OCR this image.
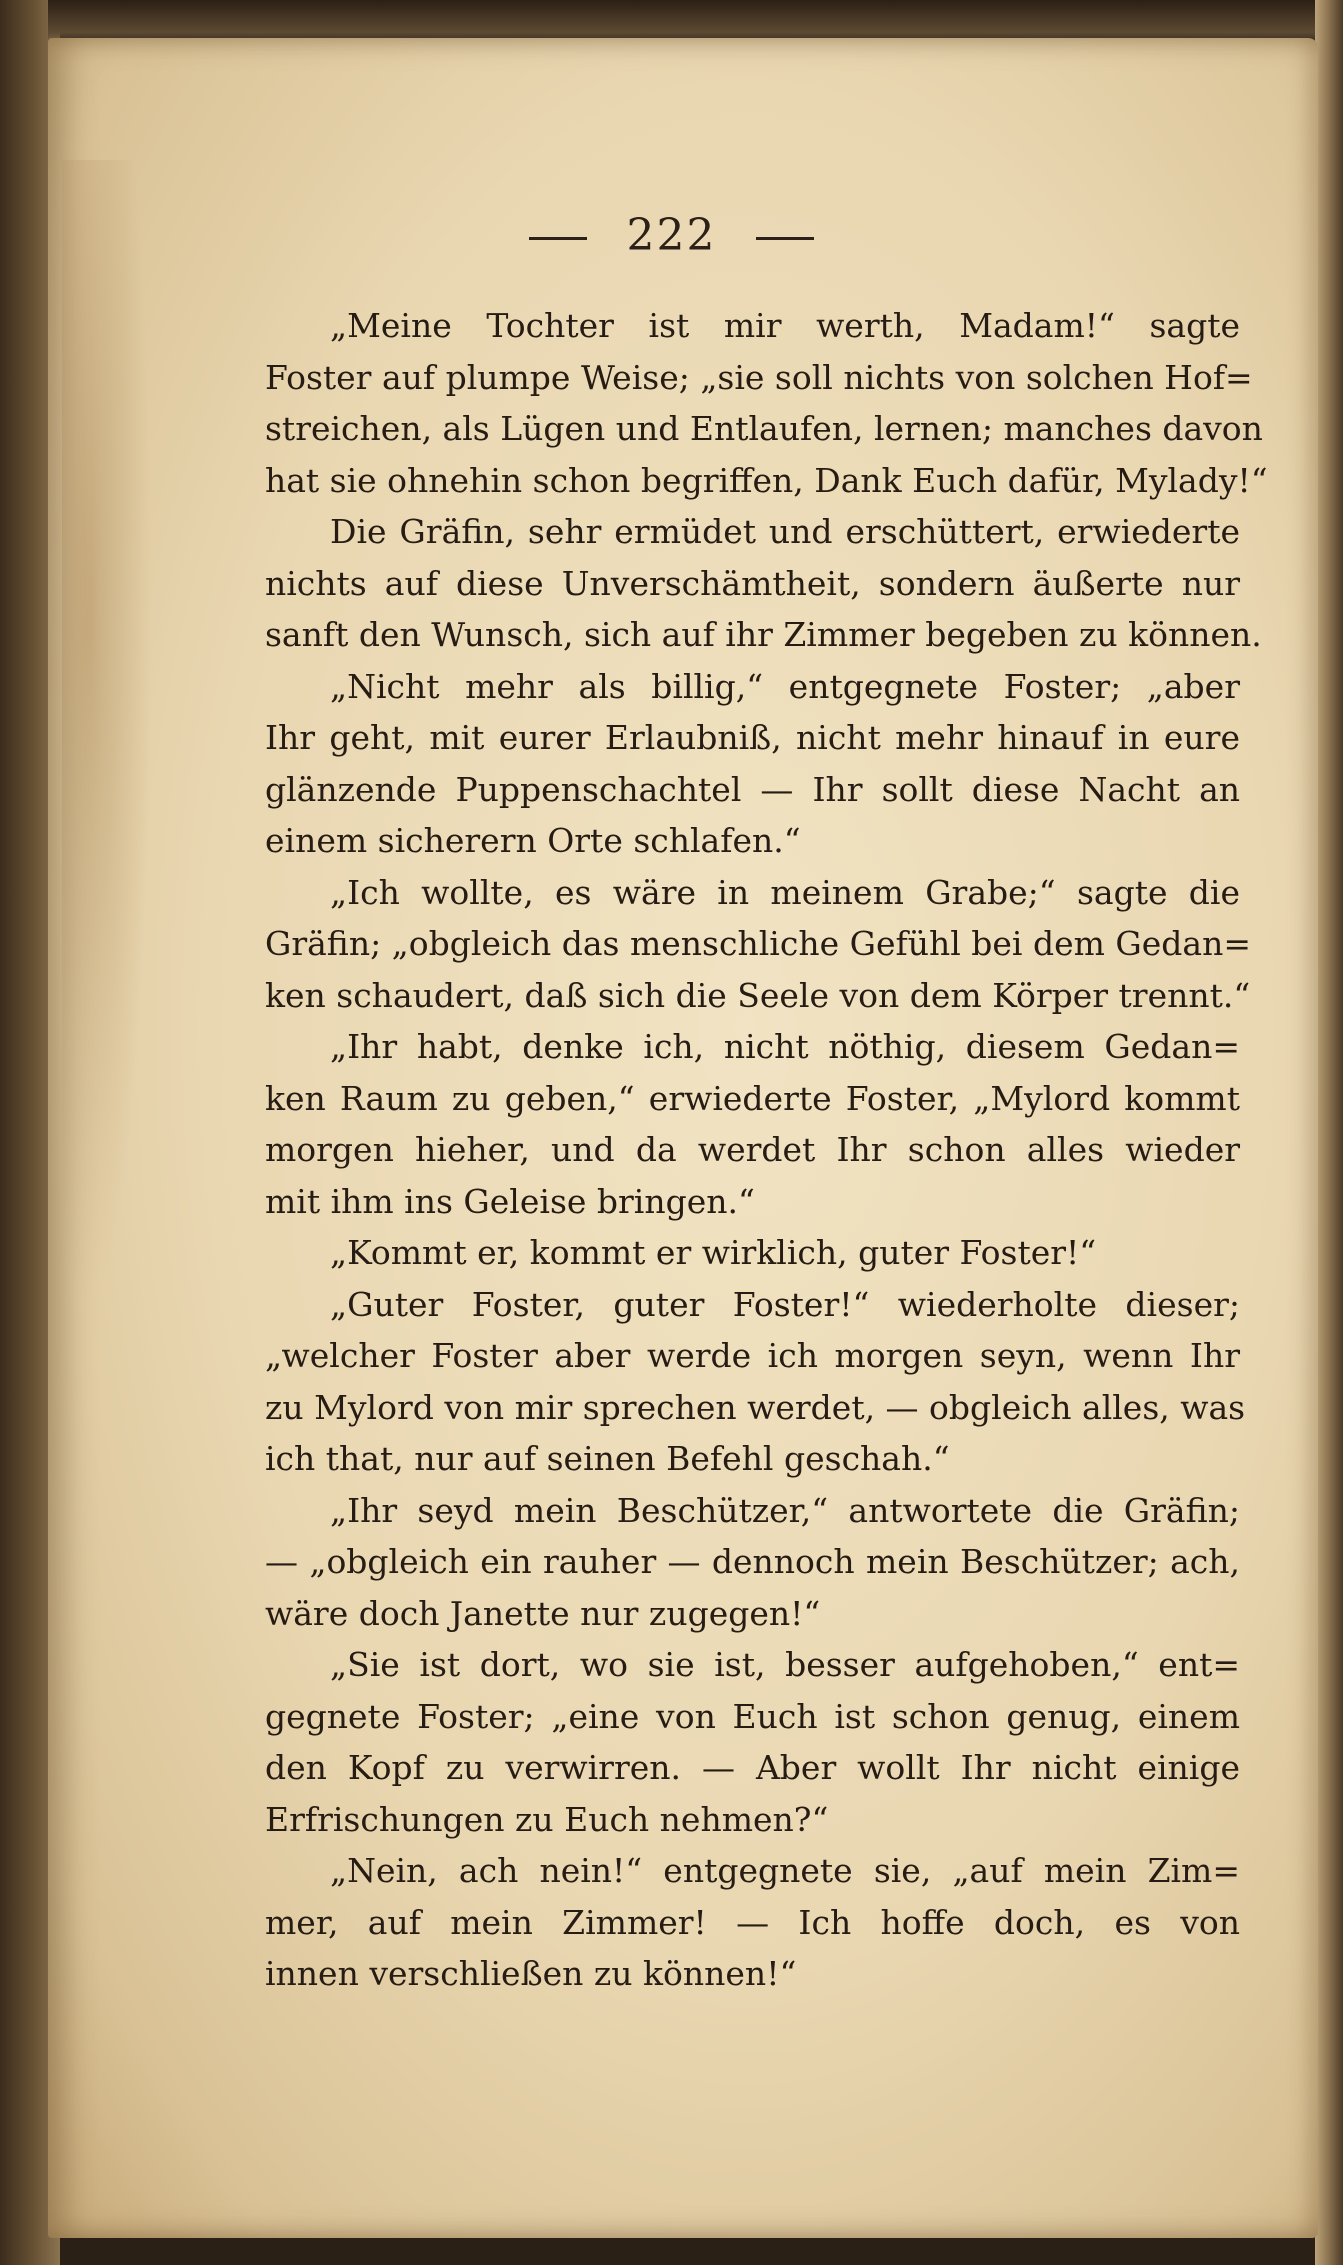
222
„Meine Tochter ist mir werth, Madam!“ sagte
Foster auf plumpe Weise; „sie soll nichts von solchen Hof=
streichen, als Lügen und Entlaufen, lernen; manches davon
hat sie ohnehin schon begriffen, Dank Euch dafür, Mylady!“
Die Gräfin, sehr ermüdet und erschüttert, erwiederte
nichts auf diese Unverschämtheit, sondern äußerte nur
sanft den Wunsch, sich auf ihr Zimmer begeben zu können.
„Nicht mehr als billig,“ entgegnete Foster; „aber
Ihr geht, mit eurer Erlaubniß, nicht mehr hinauf in eure
glänzende Puppenschachtel — Ihr sollt diese Nacht an
einem sicherern Orte schlafen.“
„Ich wollte, es wäre in meinem Grabe;“ sagte die
Gräfin; „obgleich das menschliche Gefühl bei dem Gedan=
ken schaudert, daß sich die Seele von dem Körper trennt.“
„Ihr habt, denke ich, nicht nöthig, diesem Gedan=
ken Raum zu geben,“ erwiederte Foster, „Mylord kommt
morgen hieher, und da werdet Ihr schon alles wieder
mit ihm ins Geleise bringen.“
„Kommt er, kommt er wirklich, guter Foster!“
„Guter Foster, guter Foster!“ wiederholte dieser;
„welcher Foster aber werde ich morgen seyn, wenn Ihr
zu Mylord von mir sprechen werdet, — obgleich alles, was
ich that, nur auf seinen Befehl geschah.“
„Ihr seyd mein Beschützer,“ antwortete die Gräfin;
— „obgleich ein rauher — dennoch mein Beschützer; ach,
wäre doch Janette nur zugegen!“
„Sie ist dort, wo sie ist, besser aufgehoben,“ ent=
gegnete Foster; „eine von Euch ist schon genug, einem
den Kopf zu verwirren. — Aber wollt Ihr nicht einige
Erfrischungen zu Euch nehmen?“
„Nein, ach nein!“ entgegnete sie, „auf mein Zim=
mer, auf mein Zimmer! — Ich hoffe doch, es von
innen verschließen zu können!“
